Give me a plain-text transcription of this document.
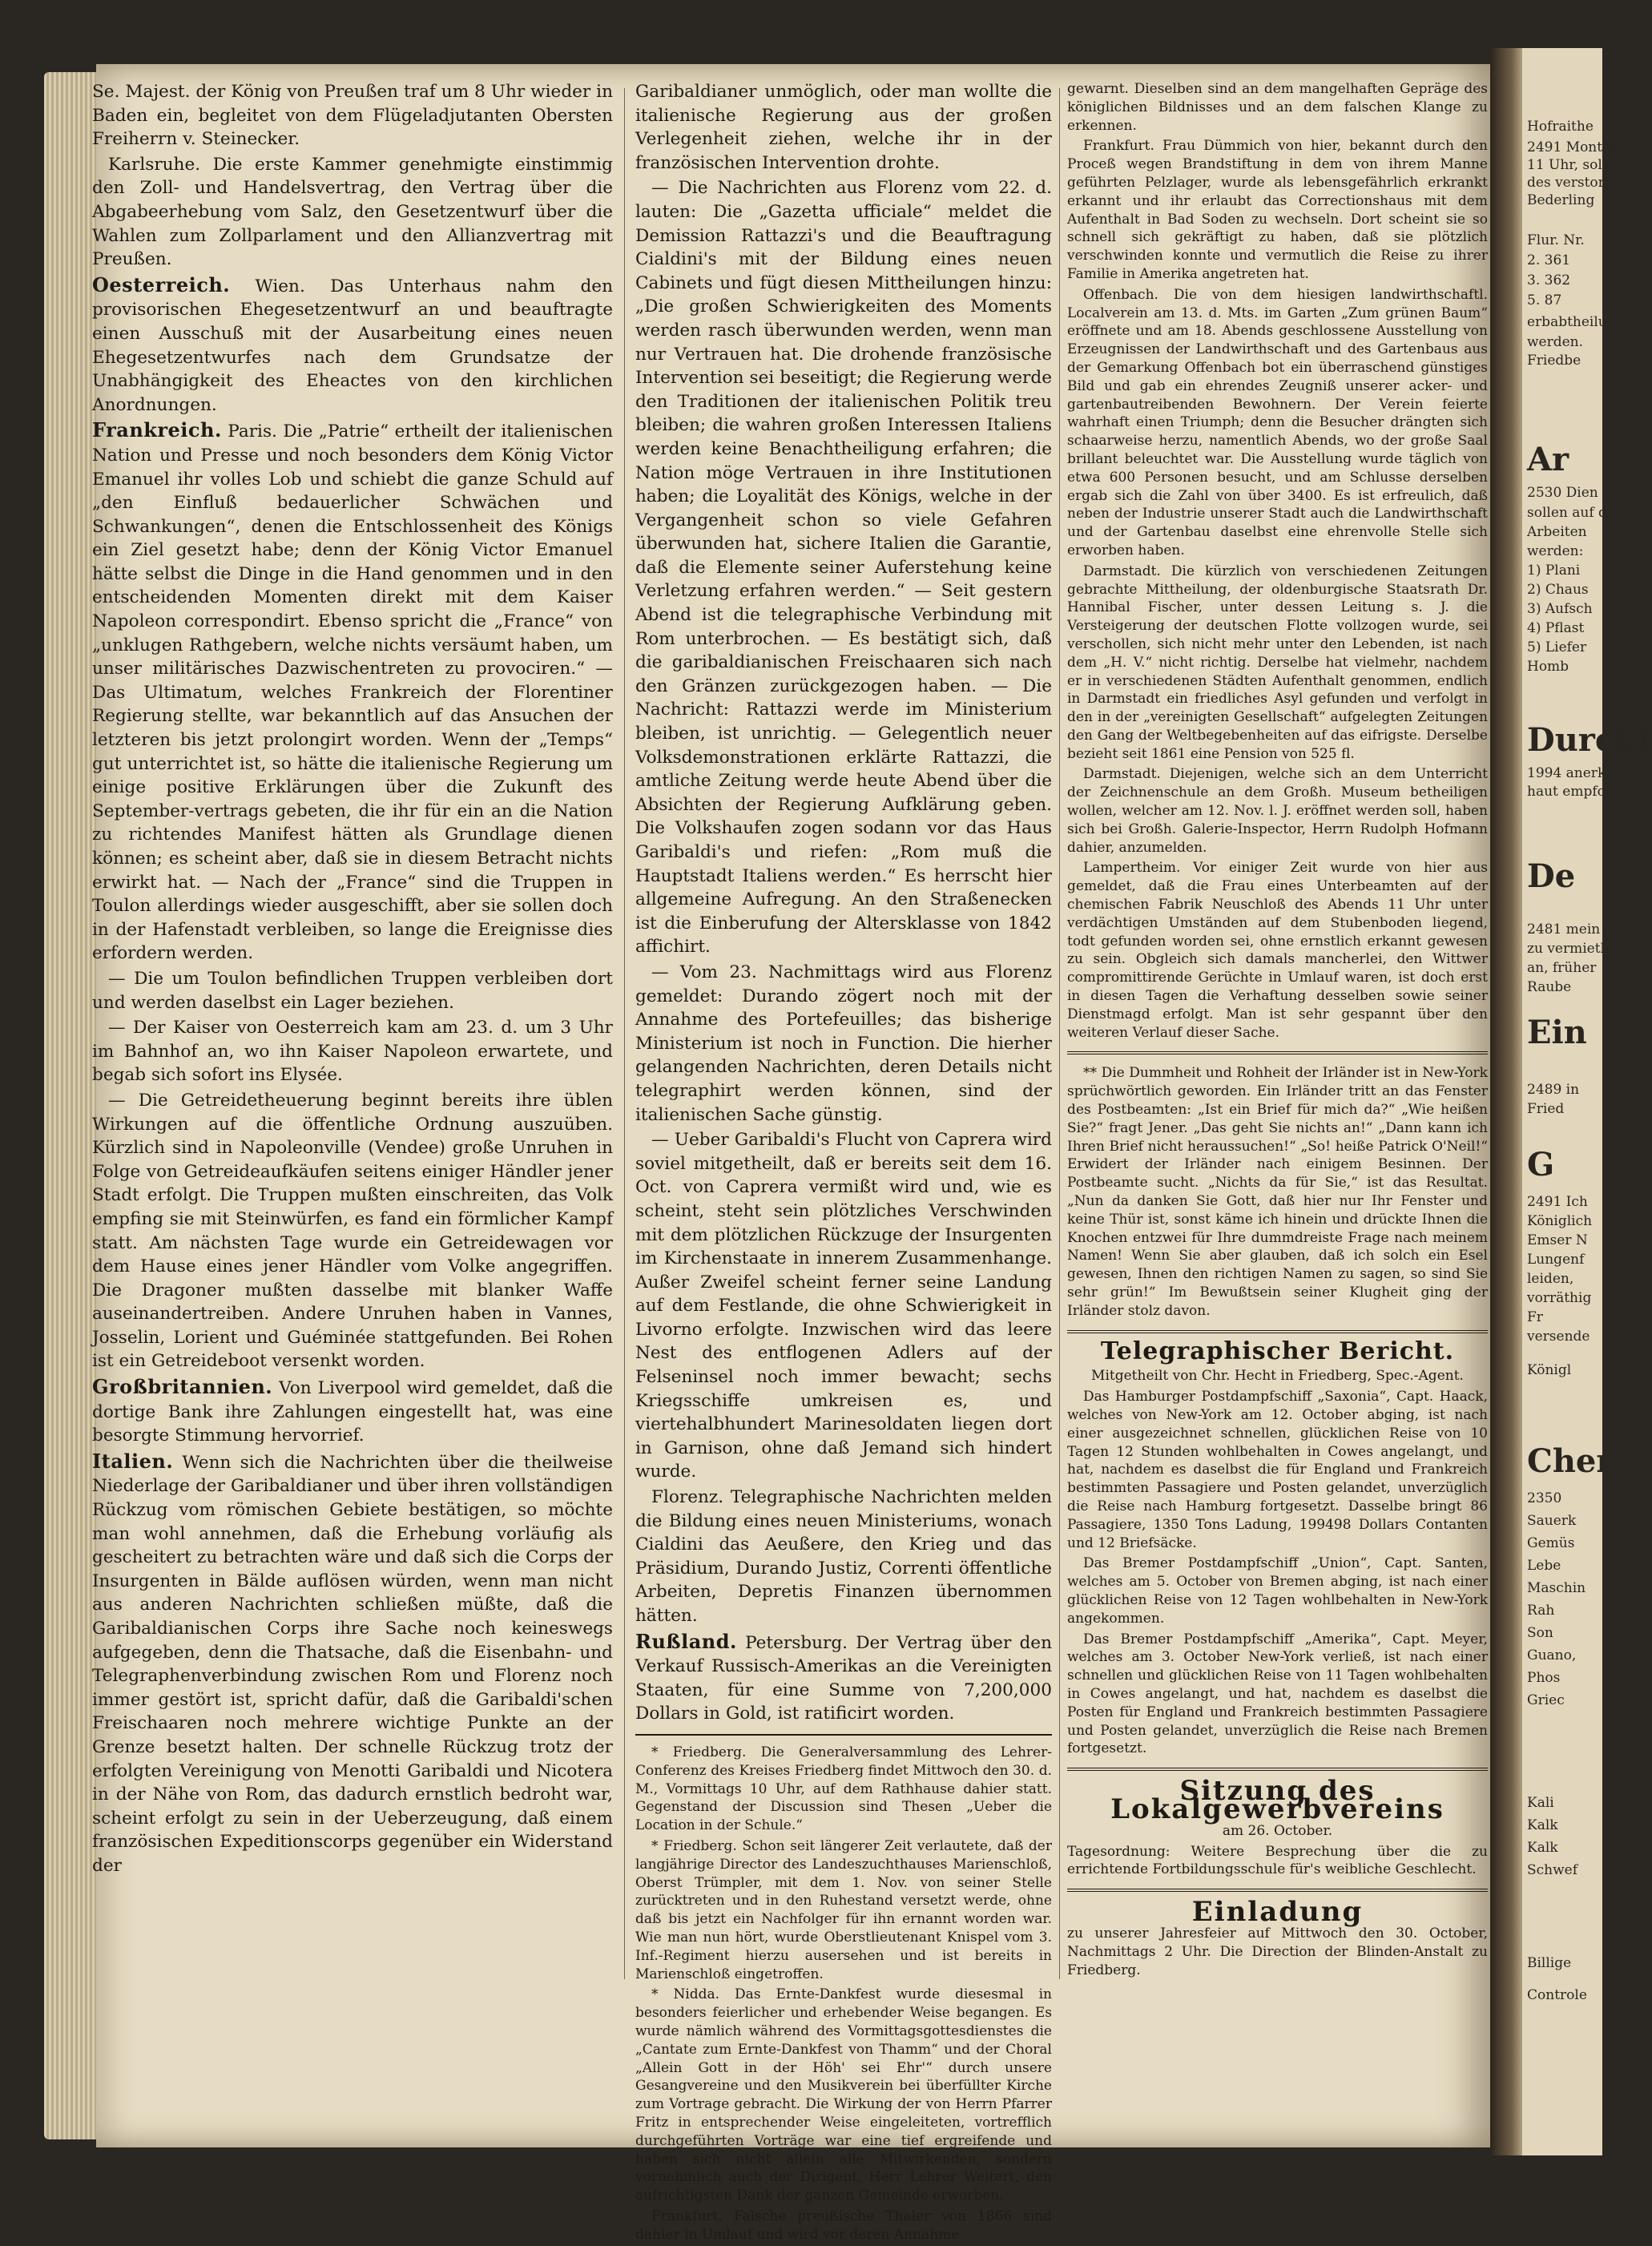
Hofraithe
2491 Montag
11 Uhr, sollen
des verstorben
Bederling
Flur. Nr.
2. 361
3. 362
5. 87
erbabtheilung
werden.
Friedbe
Ar
2530 Dien
sollen auf den
Arbeiten
werden:
1) Plani
2) Chaus
3) Aufsch
4) Pflast
5) Liefer
Homb
Durchf
1994 anerk
haut empfo
De
2481 mein
zu vermieth
an, früher
Raube
Ein
2489 in
Fried
G
2491 Ich
Königlich
Emser N
Lungenf
leiden,
vorräthig
Fr
versende
Königl
Cher
2350
Sauerk
Gemüs
Lebe
Maschin
Rah
Son
Guano,
Phos
Griec
Kali
Kalk
Kalk
Schwef
Billige
Controle

Se. Majest. der König von Preußen traf um 8 Uhr wieder in Baden ein, begleitet von dem Flügeladjutanten Obersten Freiherrn v. Steinecker.

Karlsruhe. Die erste Kammer genehmigte einstimmig den Zoll- und Handelsvertrag, den Vertrag über die Abgabeerhebung vom Salz, den Gesetzentwurf über die Wahlen zum Zollparlament und den Allianzvertrag mit Preußen.

Oesterreich. Wien. Das Unterhaus nahm den provisorischen Ehegesetzentwurf an und beauftragte einen Ausschuß mit der Ausarbeitung eines neuen Ehegesetzentwurfes nach dem Grundsatze der Unabhängigkeit des Eheactes von den kirchlichen Anordnungen.

Frankreich. Paris. Die „Patrie“ ertheilt der italienischen Nation und Presse und noch besonders dem König Victor Emanuel ihr volles Lob und schiebt die ganze Schuld auf „den Einfluß bedauerlicher Schwächen und Schwankungen“, denen die Entschlossenheit des Königs ein Ziel gesetzt habe; denn der König Victor Emanuel hätte selbst die Dinge in die Hand genommen und in den entscheidenden Momenten direkt mit dem Kaiser Napoleon correspondirt. Ebenso spricht die „France“ von „unklugen Rathgebern, welche nichts versäumt haben, um unser militärisches Dazwischentreten zu provociren.“ — Das Ultimatum, welches Frankreich der Florentiner Regierung stellte, war bekanntlich auf das Ansuchen der letzteren bis jetzt prolongirt worden. Wenn der „Temps“ gut unterrichtet ist, so hätte die italienische Regierung um einige positive Erklärungen über die Zukunft des September-vertrags gebeten, die ihr für ein an die Nation zu richtendes Manifest hätten als Grundlage dienen können; es scheint aber, daß sie in diesem Betracht nichts erwirkt hat. — Nach der „France“ sind die Truppen in Toulon allerdings wieder ausgeschifft, aber sie sollen doch in der Hafenstadt verbleiben, so lange die Ereignisse dies erfordern werden.

— Die um Toulon befindlichen Truppen verbleiben dort und werden daselbst ein Lager beziehen.

— Der Kaiser von Oesterreich kam am 23. d. um 3 Uhr im Bahnhof an, wo ihn Kaiser Napoleon erwartete, und begab sich sofort ins Elysée.

— Die Getreidetheuerung beginnt bereits ihre üblen Wirkungen auf die öffentliche Ordnung auszuüben. Kürzlich sind in Napoleonville (Vendee) große Unruhen in Folge von Getreideaufkäufen seitens einiger Händler jener Stadt erfolgt. Die Truppen mußten einschreiten, das Volk empfing sie mit Steinwürfen, es fand ein förmlicher Kampf statt. Am nächsten Tage wurde ein Getreidewagen vor dem Hause eines jener Händler vom Volke angegriffen. Die Dragoner mußten dasselbe mit blanker Waffe auseinandertreiben. Andere Unruhen haben in Vannes, Josselin, Lorient und Guéminée stattgefunden. Bei Rohen ist ein Getreideboot versenkt worden.

Großbritannien. Von Liverpool wird gemeldet, daß die dortige Bank ihre Zahlungen eingestellt hat, was eine besorgte Stimmung hervorrief.

Italien. Wenn sich die Nachrichten über die theilweise Niederlage der Garibaldianer und über ihren vollständigen Rückzug vom römischen Gebiete bestätigen, so möchte man wohl annehmen, daß die Erhebung vorläufig als gescheitert zu betrachten wäre und daß sich die Corps der Insurgenten in Bälde auflösen würden, wenn man nicht aus anderen Nachrichten schließen müßte, daß die Garibaldianischen Corps ihre Sache noch keineswegs aufgegeben, denn die Thatsache, daß die Eisenbahn- und Telegraphenverbindung zwischen Rom und Florenz noch immer gestört ist, spricht dafür, daß die Garibaldi'schen Freischaaren noch mehrere wichtige Punkte an der Grenze besetzt halten. Der schnelle Rückzug trotz der erfolgten Vereinigung von Menotti Garibaldi und Nicotera in der Nähe von Rom, das dadurch ernstlich bedroht war, scheint erfolgt zu sein in der Ueberzeugung, daß einem französischen Expeditionscorps gegenüber ein Widerstand der

Garibaldianer unmöglich, oder man wollte die italienische Regierung aus der großen Verlegenheit ziehen, welche ihr in der französischen Intervention drohte.

— Die Nachrichten aus Florenz vom 22. d. lauten: Die „Gazetta ufficiale“ meldet die Demission Rattazzi's und die Beauftragung Cialdini's mit der Bildung eines neuen Cabinets und fügt diesen Mittheilungen hinzu: „Die großen Schwierigkeiten des Moments werden rasch überwunden werden, wenn man nur Vertrauen hat. Die drohende französische Intervention sei beseitigt; die Regierung werde den Traditionen der italienischen Politik treu bleiben; die wahren großen Interessen Italiens werden keine Benachtheiligung erfahren; die Nation möge Vertrauen in ihre Institutionen haben; die Loyalität des Königs, welche in der Vergangenheit schon so viele Gefahren überwunden hat, sichere Italien die Garantie, daß die Elemente seiner Auferstehung keine Verletzung erfahren werden.“ — Seit gestern Abend ist die telegraphische Verbindung mit Rom unterbrochen. — Es bestätigt sich, daß die garibaldianischen Freischaaren sich nach den Gränzen zurückgezogen haben. — Die Nachricht: Rattazzi werde im Ministerium bleiben, ist unrichtig. — Gelegentlich neuer Volksdemonstrationen erklärte Rattazzi, die amtliche Zeitung werde heute Abend über die Absichten der Regierung Aufklärung geben. Die Volkshaufen zogen sodann vor das Haus Garibaldi's und riefen: „Rom muß die Hauptstadt Italiens werden.“ Es herrscht hier allgemeine Aufregung. An den Straßenecken ist die Einberufung der Altersklasse von 1842 affichirt.

— Vom 23. Nachmittags wird aus Florenz gemeldet: Durando zögert noch mit der Annahme des Portefeuilles; das bisherige Ministerium ist noch in Function. Die hierher gelangenden Nachrichten, deren Details nicht telegraphirt werden können, sind der italienischen Sache günstig.

— Ueber Garibaldi's Flucht von Caprera wird soviel mitgetheilt, daß er bereits seit dem 16. Oct. von Caprera vermißt wird und, wie es scheint, steht sein plötzliches Verschwinden mit dem plötzlichen Rückzuge der Insurgenten im Kirchenstaate in innerem Zusammenhange. Außer Zweifel scheint ferner seine Landung auf dem Festlande, die ohne Schwierigkeit in Livorno erfolgte. Inzwischen wird das leere Nest des entflogenen Adlers auf der Felseninsel noch immer bewacht; sechs Kriegsschiffe umkreisen es, und viertehalbhundert Marinesoldaten liegen dort in Garnison, ohne daß Jemand sich hindert wurde.

Florenz. Telegraphische Nachrichten melden die Bildung eines neuen Ministeriums, wonach Cialdini das Aeußere, den Krieg und das Präsidium, Durando Justiz, Correnti öffentliche Arbeiten, Depretis Finanzen übernommen hätten.

Rußland. Petersburg. Der Vertrag über den Verkauf Russisch-Amerikas an die Vereinigten Staaten, für eine Summe von 7,200,000 Dollars in Gold, ist ratificirt worden.

* Friedberg. Die Generalversammlung des Lehrer-Conferenz des Kreises Friedberg findet Mittwoch den 30. d. M., Vormittags 10 Uhr, auf dem Rathhause dahier statt. Gegenstand der Discussion sind Thesen „Ueber die Location in der Schule.“

* Friedberg. Schon seit längerer Zeit verlautete, daß der langjährige Director des Landeszuchthauses Marienschloß, Oberst Trümpler, mit dem 1. Nov. von seiner Stelle zurücktreten und in den Ruhestand versetzt werde, ohne daß bis jetzt ein Nachfolger für ihn ernannt worden war. Wie man nun hört, wurde Oberstlieutenant Knispel vom 3. Inf.-Regiment hierzu ausersehen und ist bereits in Marienschloß eingetroffen.

* Nidda. Das Ernte-Dankfest wurde diesesmal in besonders feierlicher und erhebender Weise begangen. Es wurde nämlich während des Vormittagsgottesdienstes die „Cantate zum Ernte-Dankfest von Thamm“ und der Choral „Allein Gott in der Höh' sei Ehr'“ durch unsere Gesangvereine und den Musikverein bei überfüllter Kirche zum Vortrage gebracht. Die Wirkung der von Herrn Pfarrer Fritz in entsprechender Weise eingeleiteten, vortrefflich durchgeführten Vorträge war eine tief ergreifende und haben sich nicht allein alle Mitwirkenden, sondern vornehmlich auch der Dirigent, Herr Lehrer Weitert, den aufrichtigsten Dank der ganzen Gemeinde erworben.

Frankfurt. Falsche preußische Thaler von 1866 sind dahier in Umlauf und wird vor deren Annahme

gewarnt. Dieselben sind an dem mangelhaften Gepräge des königlichen Bildnisses und an dem falschen Klange zu erkennen.

Frankfurt. Frau Dümmich von hier, bekannt durch den Proceß wegen Brandstiftung in dem von ihrem Manne geführten Pelzlager, wurde als lebensgefährlich erkrankt erkannt und ihr erlaubt das Correctionshaus mit dem Aufenthalt in Bad Soden zu wechseln. Dort scheint sie so schnell sich gekräftigt zu haben, daß sie plötzlich verschwinden konnte und vermutlich die Reise zu ihrer Familie in Amerika angetreten hat.

Offenbach. Die von dem hiesigen landwirthschaftl. Localverein am 13. d. Mts. im Garten „Zum grünen Baum“ eröffnete und am 18. Abends geschlossene Ausstellung von Erzeugnissen der Landwirthschaft und des Gartenbaus aus der Gemarkung Offenbach bot ein überraschend günstiges Bild und gab ein ehrendes Zeugniß unserer acker- und gartenbautreibenden Bewohnern. Der Verein feierte wahrhaft einen Triumph; denn die Besucher drängten sich schaarweise herzu, namentlich Abends, wo der große Saal brillant beleuchtet war. Die Ausstellung wurde täglich von etwa 600 Personen besucht, und am Schlusse derselben ergab sich die Zahl von über 3400. Es ist erfreulich, daß neben der Industrie unserer Stadt auch die Landwirthschaft und der Gartenbau daselbst eine ehrenvolle Stelle sich erworben haben.

Darmstadt. Die kürzlich von verschiedenen Zeitungen gebrachte Mittheilung, der oldenburgische Staatsrath Dr. Hannibal Fischer, unter dessen Leitung s. J. die Versteigerung der deutschen Flotte vollzogen wurde, sei verschollen, sich nicht mehr unter den Lebenden, ist nach dem „H. V.“ nicht richtig. Derselbe hat vielmehr, nachdem er in verschiedenen Städten Aufenthalt genommen, endlich in Darmstadt ein friedliches Asyl gefunden und verfolgt in den in der „vereinigten Gesellschaft“ aufgelegten Zeitungen den Gang der Weltbegebenheiten auf das eifrigste. Derselbe bezieht seit 1861 eine Pension von 525 fl.

Darmstadt. Diejenigen, welche sich an dem Unterricht der Zeichnenschule an dem Großh. Museum betheiligen wollen, welcher am 12. Nov. l. J. eröffnet werden soll, haben sich bei Großh. Galerie-Inspector, Herrn Rudolph Hofmann dahier, anzumelden.

Lampertheim. Vor einiger Zeit wurde von hier aus gemeldet, daß die Frau eines Unterbeamten auf der chemischen Fabrik Neuschloß des Abends 11 Uhr unter verdächtigen Umständen auf dem Stubenboden liegend, todt gefunden worden sei, ohne ernstlich erkannt gewesen zu sein. Obgleich sich damals mancherlei, den Wittwer compromittirende Gerüchte in Umlauf waren, ist doch erst in diesen Tagen die Verhaftung desselben sowie seiner Dienstmagd erfolgt. Man ist sehr gespannt über den weiteren Verlauf dieser Sache.

** Die Dummheit und Rohheit der Irländer ist in New-York sprüchwörtlich geworden. Ein Irländer tritt an das Fenster des Postbeamten: „Ist ein Brief für mich da?“ „Wie heißen Sie?“ fragt Jener. „Das geht Sie nichts an!“ „Dann kann ich Ihren Brief nicht heraussuchen!“ „So! heiße Patrick O'Neil!“ Erwidert der Irländer nach einigem Besinnen. Der Postbeamte sucht. „Nichts da für Sie,“ ist das Resultat. „Nun da danken Sie Gott, daß hier nur Ihr Fenster und keine Thür ist, sonst käme ich hinein und drückte Ihnen die Knochen entzwei für Ihre dummdreiste Frage nach meinem Namen! Wenn Sie aber glauben, daß ich solch ein Esel gewesen, Ihnen den richtigen Namen zu sagen, so sind Sie sehr grün!“ Im Bewußtsein seiner Klugheit ging der Irländer stolz davon.

Telegraphischer Bericht.

Mitgetheilt von Chr. Hecht in Friedberg, Spec.-Agent.

Das Hamburger Postdampfschiff „Saxonia“, Capt. Haack, welches von New-York am 12. October abging, ist nach einer ausgezeichnet schnellen, glücklichen Reise von 10 Tagen 12 Stunden wohlbehalten in Cowes angelangt, und hat, nachdem es daselbst die für England und Frankreich bestimmten Passagiere und Posten gelandet, unverzüglich die Reise nach Hamburg fortgesetzt. Dasselbe bringt 86 Passagiere, 1350 Tons Ladung, 199498 Dollars Contanten und 12 Briefsäcke.

Das Bremer Postdampfschiff „Union“, Capt. Santen, welches am 5. October von Bremen abging, ist nach einer glücklichen Reise von 12 Tagen wohlbehalten in New-York angekommen.

Das Bremer Postdampfschiff „Amerika“, Capt. Meyer, welches am 3. October New-York verließ, ist nach einer schnellen und glücklichen Reise von 11 Tagen wohlbehalten in Cowes angelangt, und hat, nachdem es daselbst die Posten für England und Frankreich bestimmten Passagiere und Posten gelandet, unverzüglich die Reise nach Bremen fortgesetzt.

Sitzung des Lokalgewerbvereins

am 26. October.

Tagesordnung: Weitere Besprechung über die zu errichtende Fortbildungsschule für's weibliche Geschlecht.

Einladung

zu unserer Jahresfeier auf Mittwoch den 30. October, Nachmittags 2 Uhr. Die Direction der Blinden-Anstalt zu Friedberg.
